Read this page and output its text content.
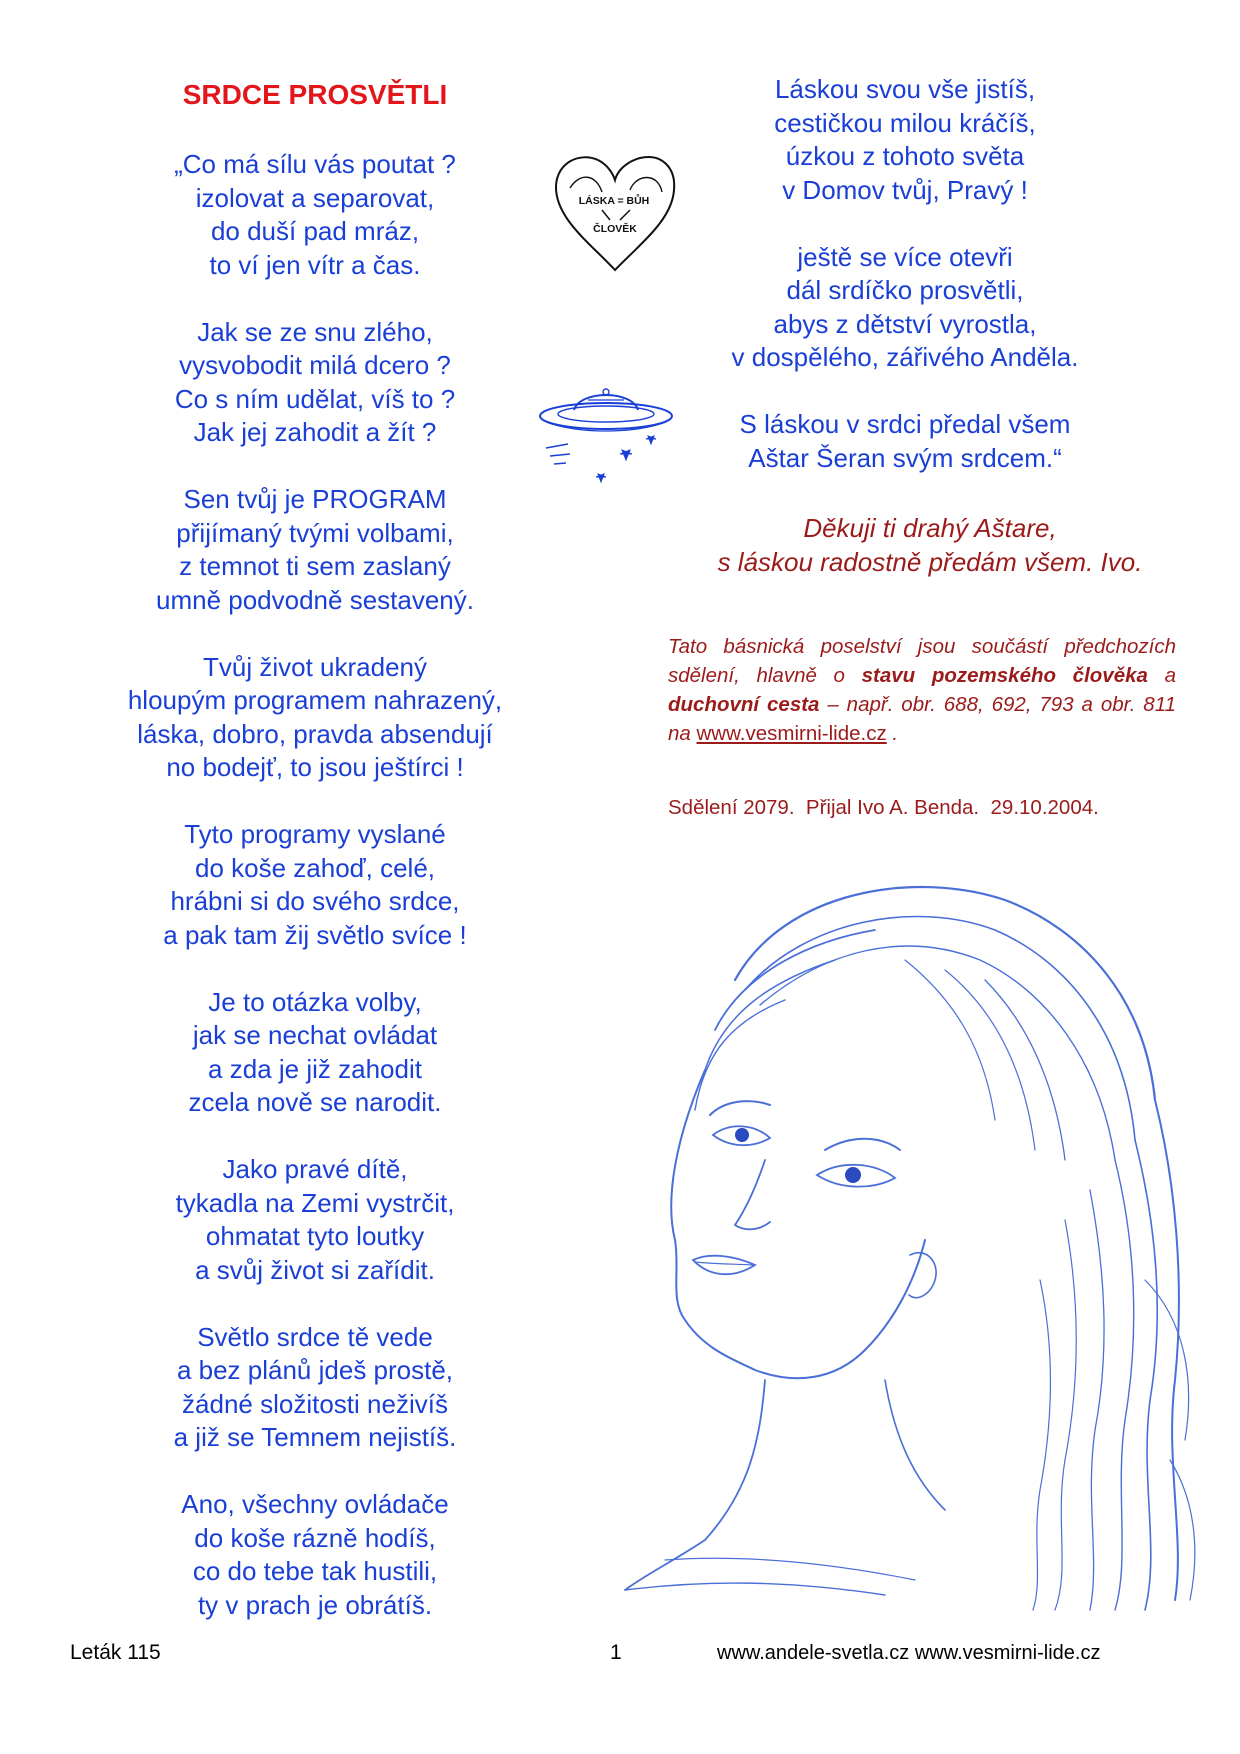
SRDCE PROSVĚTLI
„Co má sílu vás poutat ?
izolovat a separovat,
do duší pad mráz,
to ví jen vítr a čas.
Jak se ze snu zlého,
vysvobodit milá dcero ?
Co s ním udělat, víš to ?
Jak jej zahodit a žít ?
Sen tvůj je PROGRAM
přijímaný tvými volbami,
z temnot ti sem zaslaný
umně podvodně sestavený.
Tvůj život ukradený
hloupým programem nahrazený,
láska, dobro, pravda absendují
no bodejť, to jsou ještírci !
Tyto programy vyslané
do koše zahoď, celé,
hrábni si do svého srdce,
a pak tam žij světlo svíce !
Je to otázka volby,
jak se nechat ovládat
a zda je již zahodit
zcela nově se narodit.
Jako pravé dítě,
tykadla na Zemi vystrčit,
ohmatat tyto loutky
a svůj život si zařídit.
Světlo srdce tě vede
a bez plánů jdeš prostě,
žádné složitosti neživíš
a již se Temnem nejistíš.
Ano, všechny ovládače
do koše rázně hodíš,
co do tebe tak hustili,
ty v prach je obrátíš.
LÁSKA = BŮH
ČLOVĚK
Láskou svou vše jistíš,
cestičkou milou kráčíš,
úzkou z tohoto světa
v Domov tvůj, Pravý !
ještě se více otevři
dál srdíčko prosvětli,
abys z dětství vyrostla,
v dospělého, zářivého Anděla.
S láskou v srdci předal všem
Aštar Šeran svým srdcem.“
Děkuji ti drahý Aštare,
s láskou radostně předám všem. Ivo.
Tato básnická poselství jsou součástí předchozích sdělení, hlavně o stavu pozemského člověka a duchovní cesta – např. obr. 688, 692, 793 a obr. 811 na www.vesmirni-lide.cz .
Sdělení 2079.  Přijal Ivo A. Benda.  29.10.2004.
Leták 115	1	www.andele-svetla.cz www.vesmirni-lide.cz
